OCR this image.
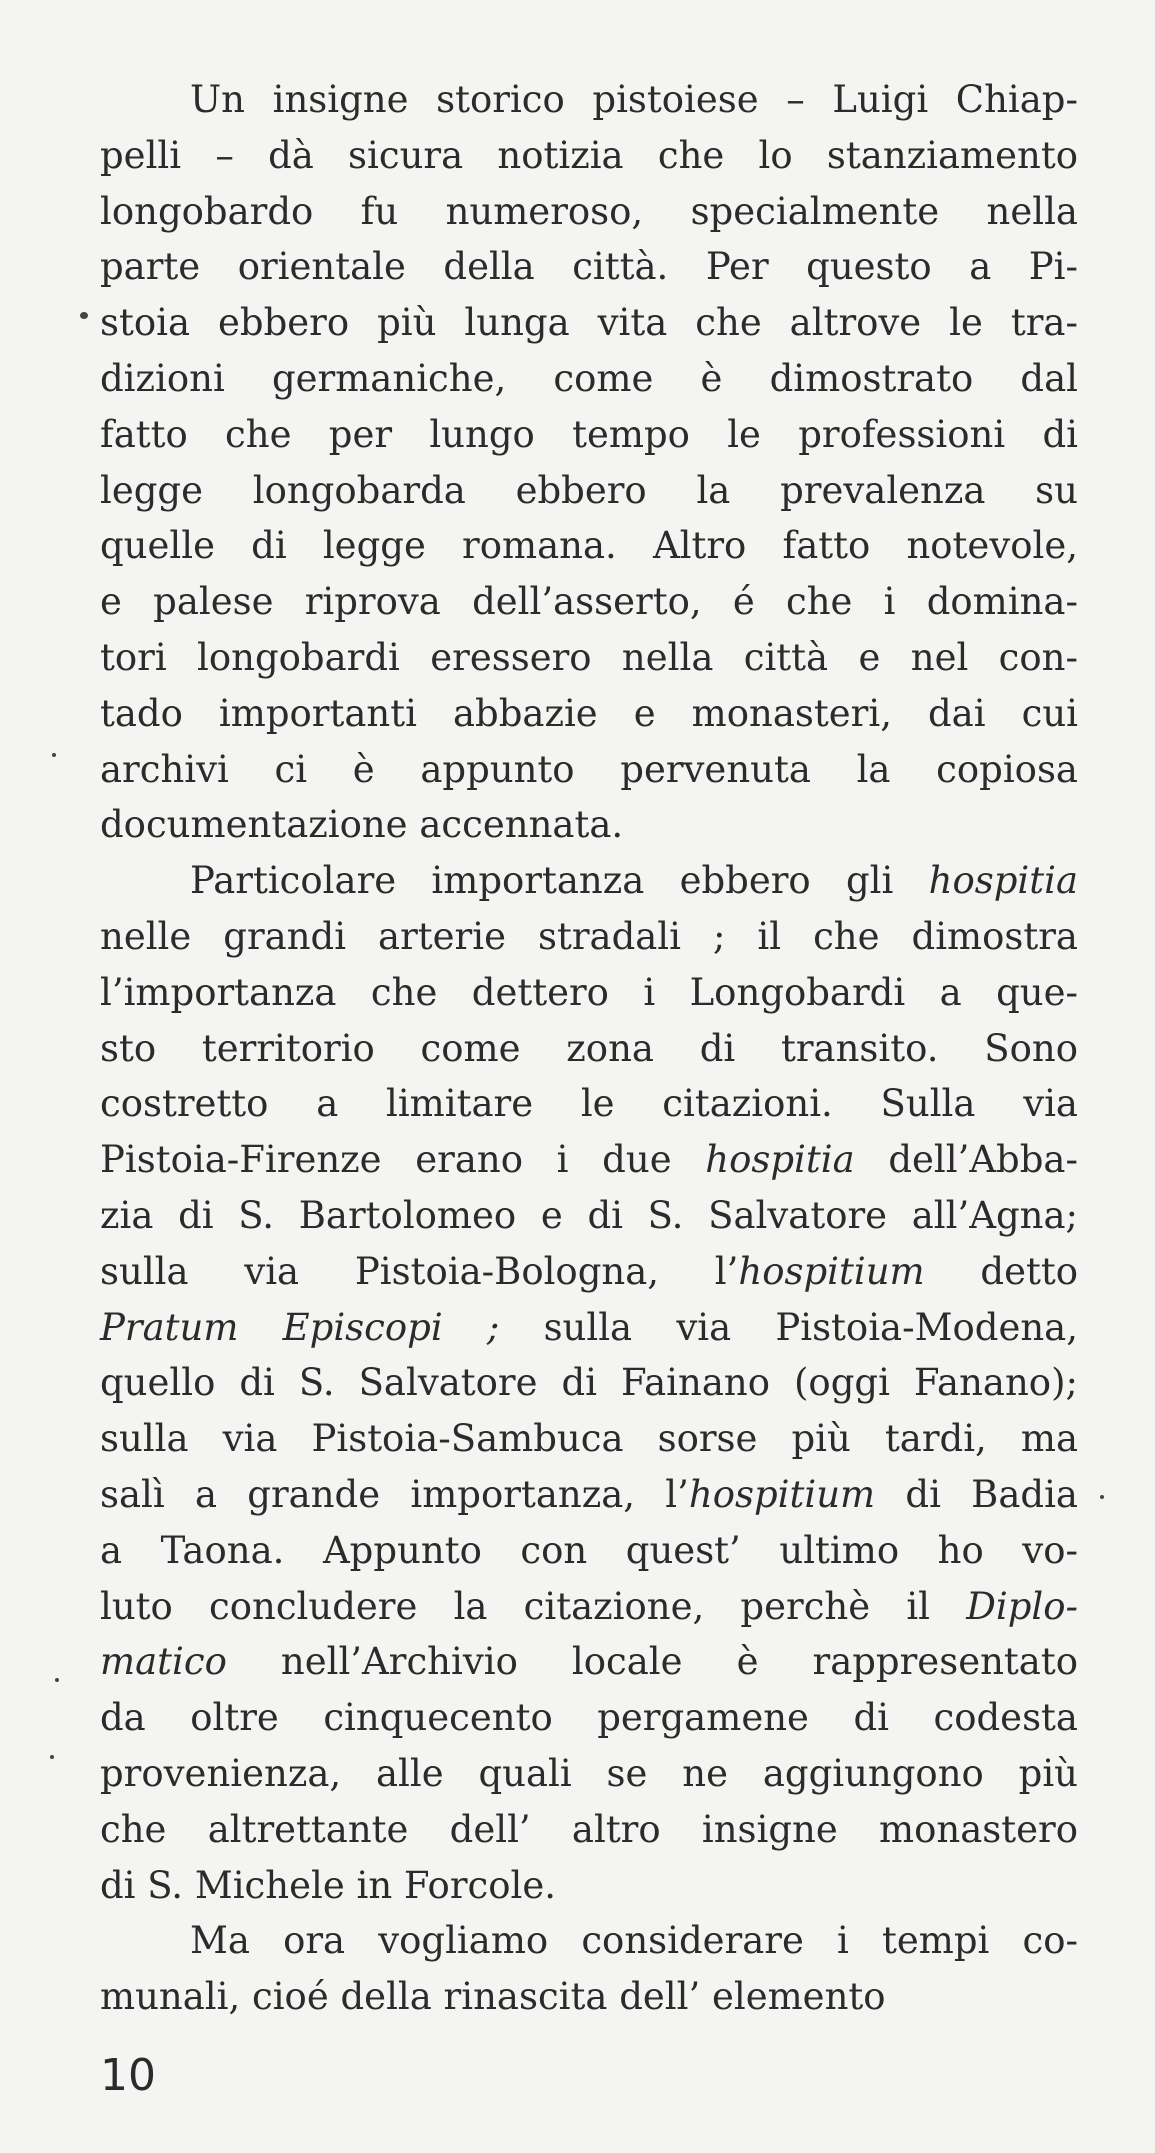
Un insigne storico pistoiese – Luigi Chiap-
pelli – dà sicura notizia che lo stanziamento
longobardo fu numeroso, specialmente nella
parte orientale della città. Per questo a Pi-
stoia ebbero più lunga vita che altrove le tra-
dizioni germaniche, come è dimostrato dal
fatto che per lungo tempo le professioni di
legge longobarda ebbero la prevalenza su
quelle di legge romana. Altro fatto notevole,
e palese riprova dell’asserto, é che i domina-
tori longobardi eressero nella città e nel con-
tado importanti abbazie e monasteri, dai cui
archivi ci è appunto pervenuta la copiosa
documentazione accennata.
Particolare importanza ebbero gli hospitia
nelle grandi arterie stradali ; il che dimostra
l’importanza che dettero i Longobardi a que-
sto territorio come zona di transito. Sono
costretto a limitare le citazioni. Sulla via
Pistoia-Firenze erano i due hospitia dell’Abba-
zia di S. Bartolomeo e di S. Salvatore all’Agna;
sulla via Pistoia-Bologna, l’hospitium detto
Pratum Episcopi ; sulla via Pistoia-Modena,
quello di S. Salvatore di Fainano (oggi Fanano);
sulla via Pistoia-Sambuca sorse più tardi, ma
salì a grande importanza, l’hospitium di Badia
a Taona. Appunto con quest’ ultimo ho vo-
luto concludere la citazione, perchè il Diplo-
matico nell’Archivio locale è rappresentato
da oltre cinquecento pergamene di codesta
provenienza, alle quali se ne aggiungono più
che altrettante dell’ altro insigne monastero
di S. Michele in Forcole.
Ma ora vogliamo considerare i tempi co-
munali, cioé della rinascita dell’ elemento
10
